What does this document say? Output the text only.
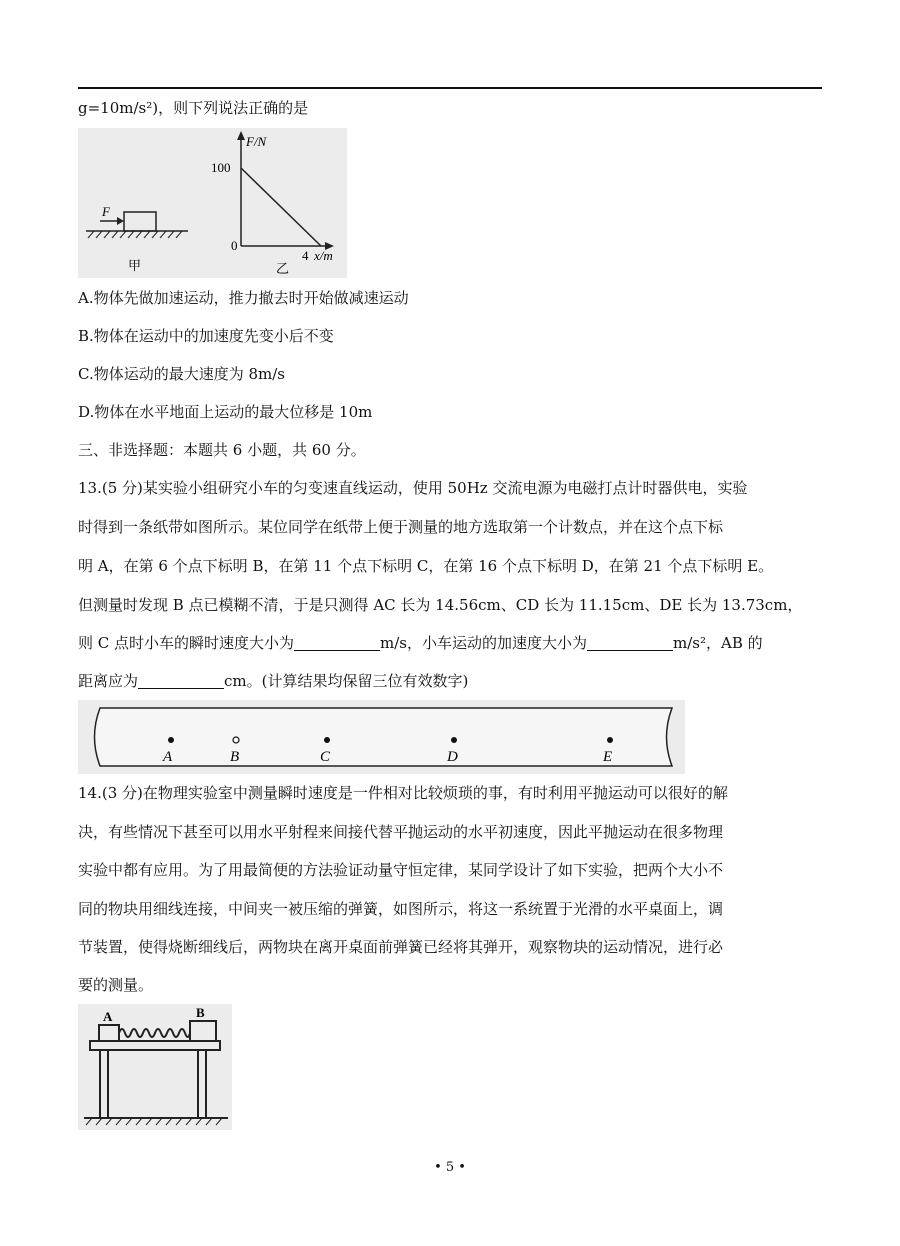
g=10m/s²)，则下列说法正确的是
F
甲
F/N
100
0
4 x/m
乙
A.物体先做加速运动，推力撤去时开始做减速运动
B.物体在运动中的加速度先变小后不变
C.物体运动的最大速度为 8m/s
D.物体在水平地面上运动的最大位移是 10m
三、非选择题：本题共 6 小题，共 60 分。
13.(5 分)某实验小组研究小车的匀变速直线运动，使用 50Hz 交流电源为电磁打点计时器供电，实验
时得到一条纸带如图所示。某位同学在纸带上便于测量的地方选取第一个计数点，并在这个点下标
明 A，在第 6 个点下标明 B，在第 11 个点下标明 C，在第 16 个点下标明 D，在第 21 个点下标明 E。
但测量时发现 B 点已模糊不清，于是只测得 AC 长为 14.56cm、CD 长为 11.15cm、DE 长为 13.73cm，
则 C 点时小车的瞬时速度大小为	m/s，小车运动的加速度大小为	m/s²，AB 的
距离应为	cm。(计算结果均保留三位有效数字)
A	B	C	D	E
14.(3 分)在物理实验室中测量瞬时速度是一件相对比较烦琐的事，有时利用平抛运动可以很好的解
决，有些情况下甚至可以用水平射程来间接代替平抛运动的水平初速度，因此平抛运动在很多物理
实验中都有应用。为了用最简便的方法验证动量守恒定律，某同学设计了如下实验，把两个大小不
同的物块用细线连接，中间夹一被压缩的弹簧，如图所示，将这一系统置于光滑的水平桌面上，调
节装置，使得烧断细线后，两物块在离开桌面前弹簧已经将其弹开，观察物块的运动情况，进行必
要的测量。
A	B
• 5 •
